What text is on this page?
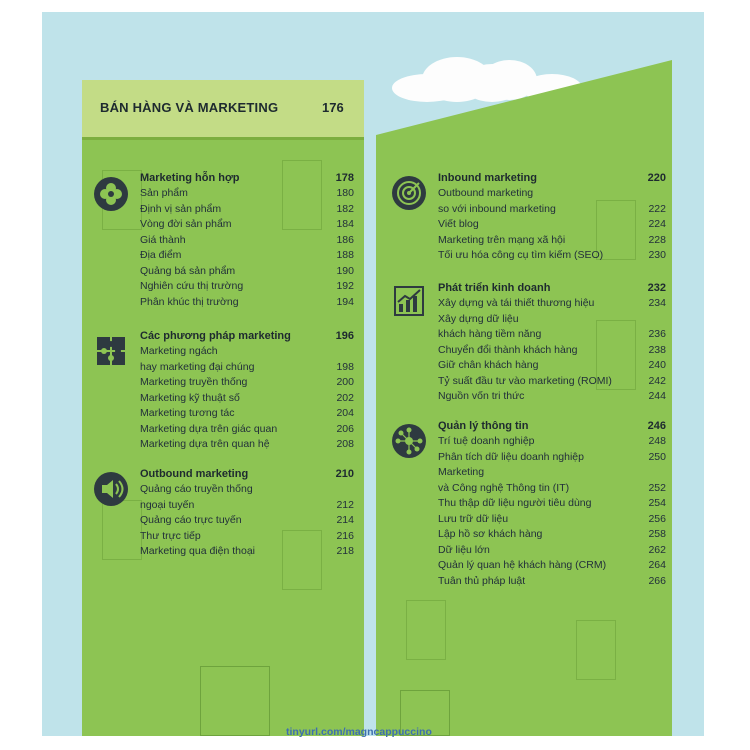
BÁN HÀNG VÀ MARKETING	176
Marketing hỗn hợp	178
Sản phẩm	180
Định vị sản phẩm	182
Vòng đời sản phẩm	184
Giá thành	186
Địa điểm	188
Quảng bá sản phẩm	190
Nghiên cứu thị trường	192
Phân khúc thị trường	194
Các phương pháp marketing	196
Marketing ngách
hay marketing đại chúng	198
Marketing truyền thống	200
Marketing kỹ thuật số	202
Marketing tương tác	204
Marketing dựa trên giác quan	206
Marketing dựa trên quan hệ	208
Outbound marketing	210
Quảng cáo truyền thống
ngoại tuyến	212
Quảng cáo trực tuyến	214
Thư trực tiếp	216
Marketing qua điện thoại	218
Inbound marketing	220
Outbound marketing
so với inbound marketing	222
Viết blog	224
Marketing trên mạng xã hội	228
Tối ưu hóa công cụ tìm kiếm (SEO)	230
Phát triển kinh doanh	232
Xây dựng và tái thiết thương hiệu	234
Xây dựng dữ liệu
khách hàng tiềm năng	236
Chuyển đổi thành khách hàng	238
Giữ chân khách hàng	240
Tỷ suất đầu tư vào marketing (ROMI)	242
Nguồn vốn tri thức	244
Quản lý thông tin	246
Trí tuệ doanh nghiệp	248
Phân tích dữ liệu doanh nghiệp	250
Marketing
và Công nghệ Thông tin (IT)	252
Thu thập dữ liệu người tiêu dùng	254
Lưu trữ dữ liệu	256
Lập hồ sơ khách hàng	258
Dữ liệu lớn	262
Quản lý quan hệ khách hàng (CRM)	264
Tuân thủ pháp luật	266
tinyurl.com/magncappuccino
